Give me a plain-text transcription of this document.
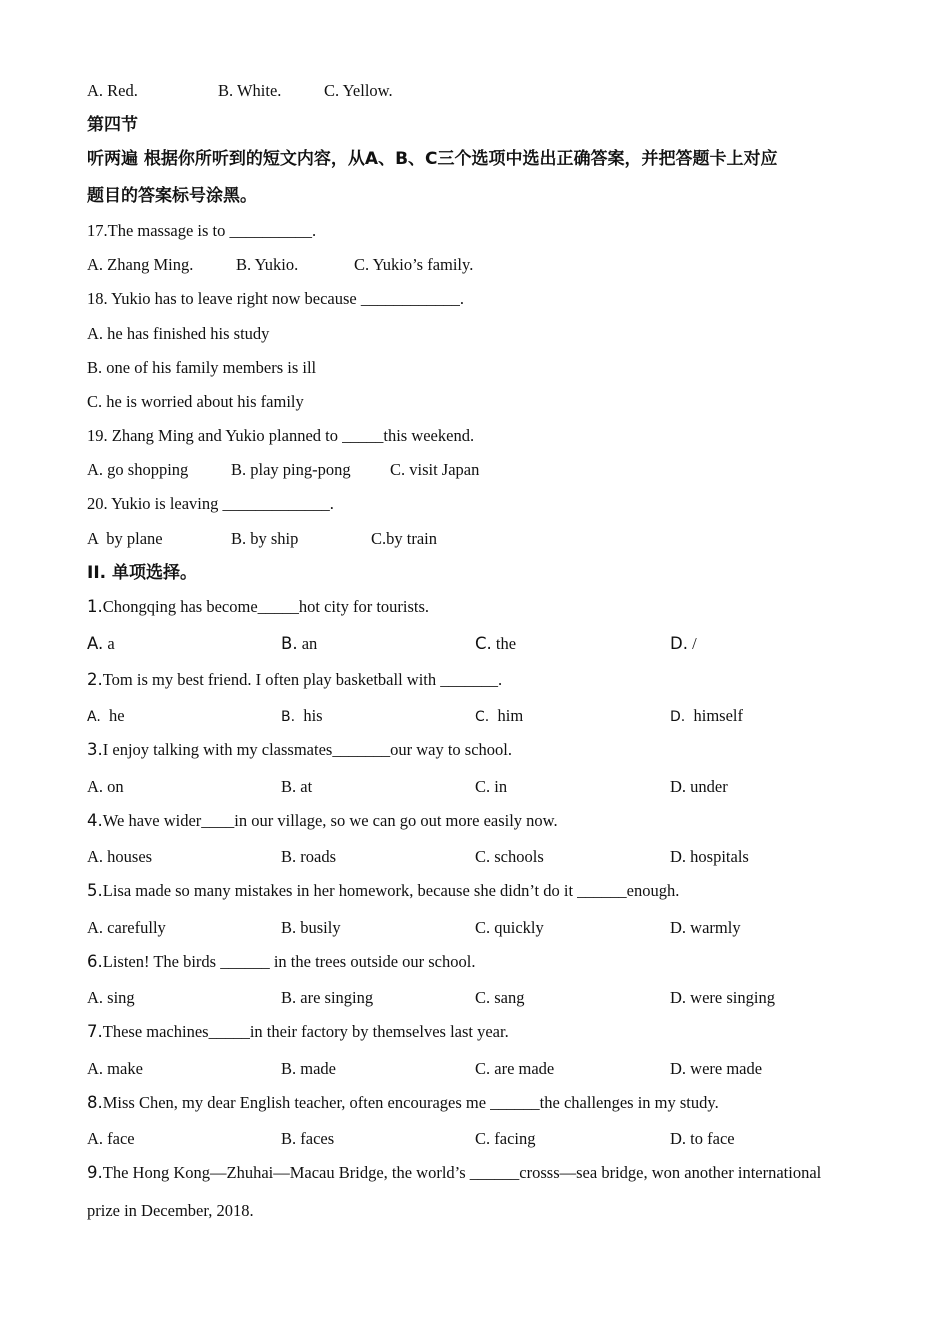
A. Red.	B. White.	C. Yellow.
第四节
听两遍 根据你所听到的短文内容，从A、B、C三个选项中选出正确答案，并把答题卡上对应
题目的答案标号涂黑。
17.The massage is to __________.
A. Zhang Ming.	B. Yukio.	C. Yukio’s family.
18. Yukio has to leave right now because ____________.
A. he has finished his study
B. one of his family members is ill
C. he is worried about his family
19. Zhang Ming and Yukio planned to _____this weekend.
A. go shopping	B. play ping-pong C. visit Japan
20. Yukio is leaving _____________.
A  by plane	B. by ship	C.by train
II. 单项选择。
1.Chongqing has become_____hot city for tourists.
A. a	B. an	C. the	D. /
2.Tom is my best friend. I often play basketball with _______.
A.  he	B.  his	C.  him	D.  himself
3.I enjoy talking with my classmates_______our way to school.
A. on	B. at	C. in	D. under
4.We have wider____in our village, so we can go out more easily now.
A. houses	B. roads	C. schools	D. hospitals
5.Lisa made so many mistakes in her homework, because she didn’t do it ______enough.
A. carefully	B. busily	C. quickly	D. warmly
6.Listen! The birds ______ in the trees outside our school.
A. sing	B. are singing	C. sang	D. were singing
7.These machines_____in their factory by themselves last year.
A. make	B. made	C. are made	D. were made
8.Miss Chen, my dear English teacher, often encourages me ______the challenges in my study.
A. face	B. faces	C. facing	D. to face
9.The Hong Kong—Zhuhai—Macau Bridge, the world’s ______crosss—sea bridge, won another international
prize in December, 2018.
